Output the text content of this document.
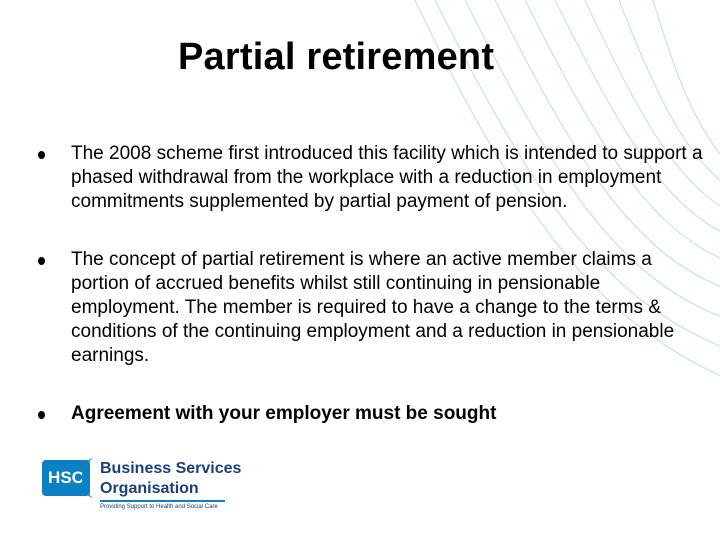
Partial retirement
The 2008 scheme first introduced this facility which is intended to support a phased withdrawal from the workplace with a reduction in employment commitments supplemented by partial payment of pension.
The concept of partial retirement is where an active member claims a portion of accrued benefits whilst still continuing in pensionable employment. The member is required to have a change to the terms & conditions of the continuing employment and a reduction in pensionable earnings.
Agreement with your employer must be sought
HSC Business Services
Organisation
Providing Support to Health and Social Care
